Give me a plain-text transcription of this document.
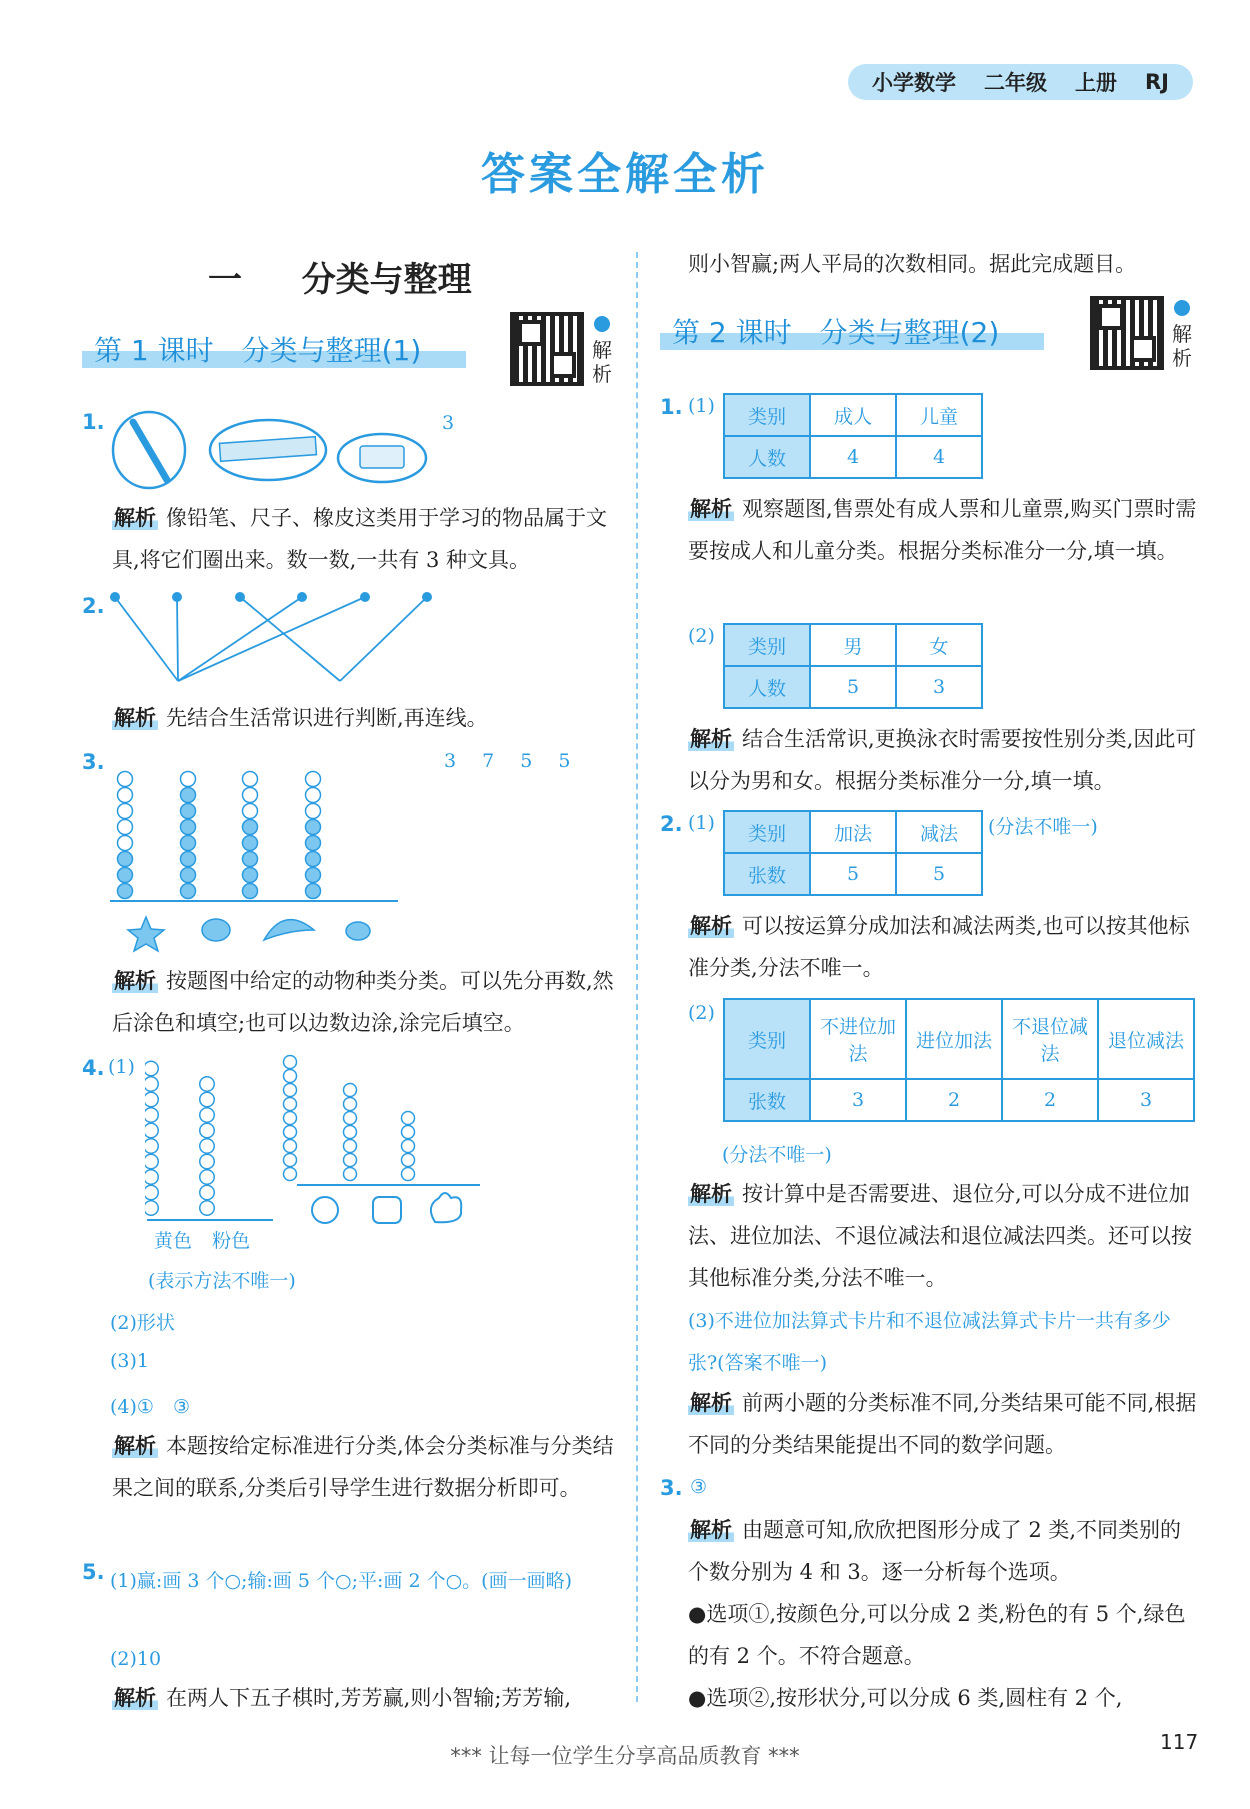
小学数学 二年级 上册 RJ
答案全解全析
一 分类与整理
第 1 课时　分类与整理(1)	解析
1.	3
解析 像铅笔、尺子、橡皮这类用于学习的物品属于文具,将它们圈出来。数一数,一共有 3 种文具。
2.
解析 先结合生活常识进行判断,再连线。
3.	3 7 5 5
解析 按题图中给定的动物种类分类。可以先分再数,然后涂色和填空;也可以边数边涂,涂完后填空。
4. (1)
黄色 粉色
(表示方法不唯一)
(2)形状
(3)1
(4)①　③
解析 本题按给定标准进行分类,体会分类标准与分类结果之间的联系,分类后引导学生进行数据分析即可。
5. (1)赢:画 3 个○;输:画 5 个○;平:画 2 个○。(画一画略)
(2)10
解析 在两人下五子棋时,芳芳赢,则小智输;芳芳输,
则小智赢;两人平局的次数相同。据此完成题目。
第 2 课时　分类与整理(2)	解析
1. (1) 类别	成人	儿童
人数	4	4
解析 观察题图,售票处有成人票和儿童票,购买门票时需要按成人和儿童分类。根据分类标准分一分,填一填。
(2) 类别	男	女
人数	5	3
解析 结合生活常识,更换泳衣时需要按性别分类,因此可以分为男和女。根据分类标准分一分,填一填。
2. (1) 类别	加法	减法
张数	5	5
(分法不唯一)
解析 可以按运算分成加法和减法两类,也可以按其他标准分类,分法不唯一。
(2)
类别	不进位加法	进位加法	不退位减法	退位减法
张数	3	2	2	3
(分法不唯一)
解析 按计算中是否需要进、退位分,可以分成不进位加法、进位加法、不退位减法和退位减法四类。还可以按其他标准分类,分法不唯一。
(3)不进位加法算式卡片和不退位减法算式卡片一共有多少张?(答案不唯一)
解析 前两小题的分类标准不同,分类结果可能不同,根据不同的分类结果能提出不同的数学问题。
3. ③
解析 由题意可知,欣欣把图形分成了 2 类,不同类别的个数分别为 4 和 3。逐一分析每个选项。
●选项①,按颜色分,可以分成 2 类,粉色的有 5 个,绿色的有 2 个。不符合题意。
●选项②,按形状分,可以分成 6 类,圆柱有 2 个,
*** 让每一位学生分享高品质教育 ***
117
